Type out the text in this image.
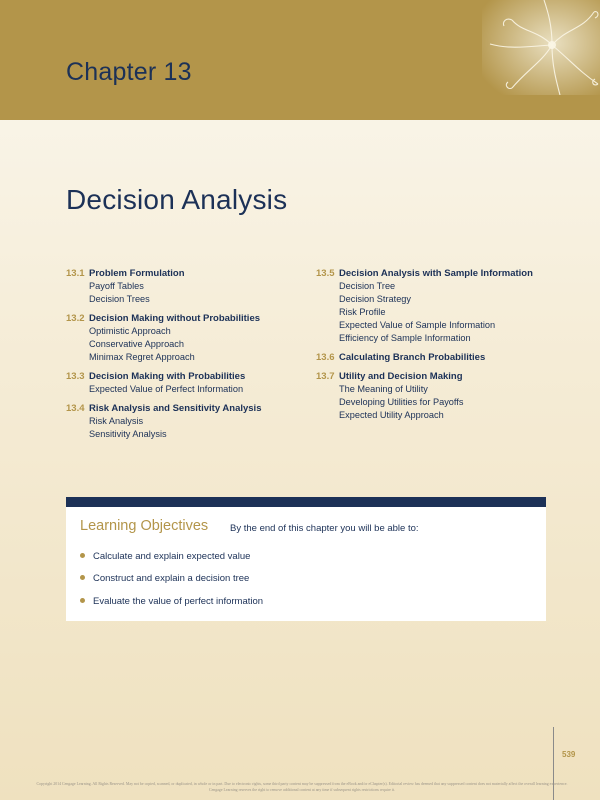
Chapter 13
Decision Analysis
13.1 Problem Formulation
Payoff Tables
Decision Trees
13.2 Decision Making without Probabilities
Optimistic Approach
Conservative Approach
Minimax Regret Approach
13.3 Decision Making with Probabilities
Expected Value of Perfect Information
13.4 Risk Analysis and Sensitivity Analysis
Risk Analysis
Sensitivity Analysis
13.5 Decision Analysis with Sample Information
Decision Tree
Decision Strategy
Risk Profile
Expected Value of Sample Information
Efficiency of Sample Information
13.6 Calculating Branch Probabilities
13.7 Utility and Decision Making
The Meaning of Utility
Developing Utilities for Payoffs
Expected Utility Approach
Learning Objectives By the end of this chapter you will be able to:
Calculate and explain expected value
Construct and explain a decision tree
Evaluate the value of perfect information
539
Copyright 2014 Cengage Learning. All Rights Reserved. May not be copied, scanned, or duplicated, in whole or in part. Due to electronic rights, some third party content may be suppressed from the eBook and/or eChapter(s). Editorial review has deemed that any suppressed content does not materially affect the overall learning experience. Cengage Learning reserves the right to remove additional content at any time if subsequent rights restrictions require it.
